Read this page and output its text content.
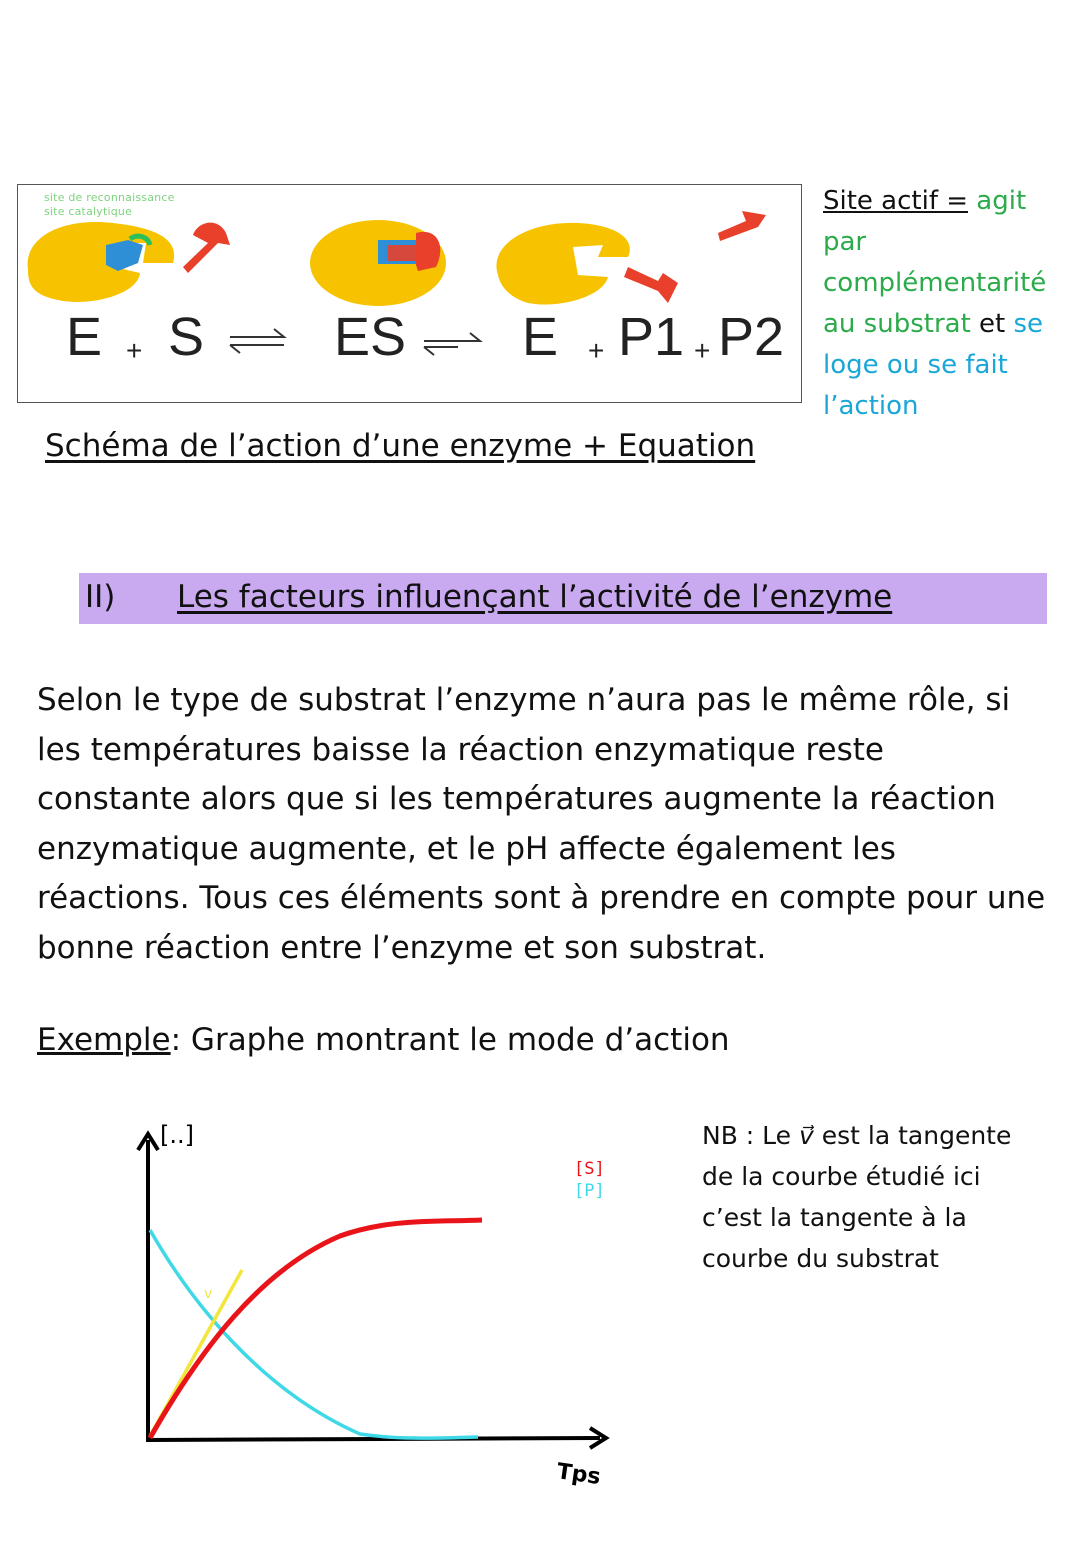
site de reconnaissance
site catalytique
E + S ES E + P1 + P2
Site actif = agit par complémentarité au substrat et se loge ou se fait l’action
Schéma de l’action d’une enzyme + Equation
II) Les facteurs influençant l’activité de l’enzyme
Selon le type de substrat l’enzyme n’aura pas le même rôle, si les températures baisse la réaction enzymatique reste constante alors que si les températures augmente la réaction enzymatique augmente, et le pH affecte également les réactions. Tous ces éléments sont à prendre en compte pour une bonne réaction entre l’enzyme et son substrat.
Exemple: Graphe montrant le mode d’action
[..]
Tps
[S]
[P]
v
NB : Le v⃗ est la tangente de la courbe étudié ici c’est la tangente à la courbe du substrat
